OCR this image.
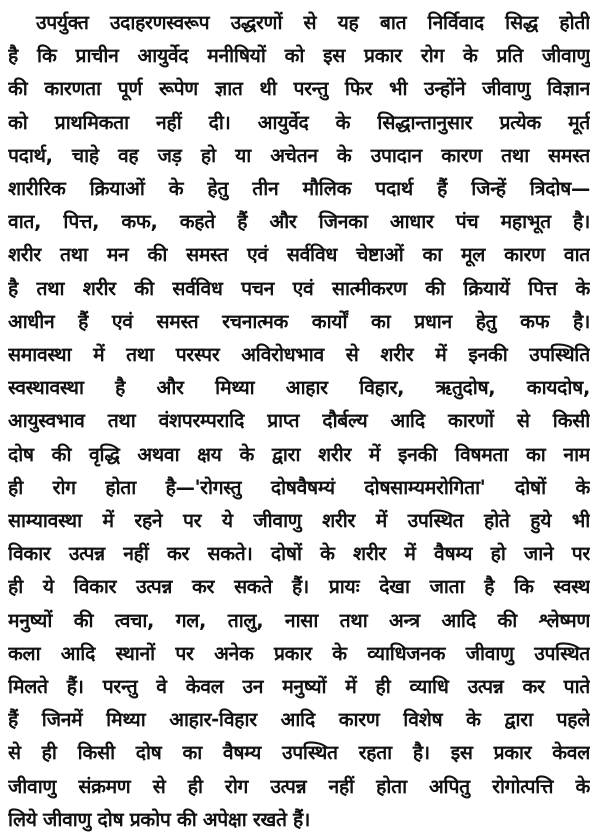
उपर्युक्त उदाहरणस्वरूप उद्धरणों से यह बात निर्विवाद सिद्ध होती
है कि प्राचीन आयुर्वेद मनीषियों को इस प्रकार रोग के प्रति जीवाणु
की कारणता पूर्ण रूपेण ज्ञात थी परन्तु फिर भी उन्होंने जीवाणु विज्ञान
को प्राथमिकता नहीं दी। आयुर्वेद के सिद्धान्तानुसार प्रत्येक मूर्त
पदार्थ, चाहे वह जड़ हो या अचेतन के उपादान कारण तथा समस्त
शारीरिक क्रियाओं के हेतु तीन मौलिक पदार्थ हैं जिन्हें त्रिदोष—
वात, पित्त, कफ, कहते हैं और जिनका आधार पंच महाभूत है।
शरीर तथा मन की समस्त एवं सर्वविध चेष्टाओं का मूल कारण वात
है तथा शरीर की सर्वविध पचन एवं सात्मीकरण की क्रियायें पित्त के
आधीन हैं एवं समस्त रचनात्मक कार्यों का प्रधान हेतु कफ है।
समावस्था में तथा परस्पर अविरोधभाव से शरीर में इनकी उपस्थिति
स्वस्थावस्था है और मिथ्या आहार विहार, ऋतुदोष, कायदोष,
आयुस्वभाव तथा वंशपरम्परादि प्राप्त दौर्बल्य आदि कारणों से किसी
दोष की वृद्धि अथवा क्षय के द्वारा शरीर में इनकी विषमता का नाम
ही रोग होता है—'रोगस्तु दोषवैषम्यं दोषसाम्यमरोगिता' दोषों के
साम्यावस्था में रहने पर ये जीवाणु शरीर में उपस्थित होते हुये भी
विकार उत्पन्न नहीं कर सकते। दोषों के शरीर में वैषम्य हो जाने पर
ही ये विकार उत्पन्न कर सकते हैं। प्रायः देखा जाता है कि स्वस्थ
मनुष्यों की त्वचा, गल, तालु, नासा तथा अन्त्र आदि की श्लेष्मण
कला आदि स्थानों पर अनेक प्रकार के व्याधिजनक जीवाणु उपस्थित
मिलते हैं। परन्तु वे केवल उन मनुष्यों में ही व्याधि उत्पन्न कर पाते
हैं जिनमें मिथ्या आहार-विहार आदि कारण विशेष के द्वारा पहले
से ही किसी दोष का वैषम्य उपस्थित रहता है। इस प्रकार केवल
जीवाणु संक्रमण से ही रोग उत्पन्न नहीं होता अपितु रोगोत्पत्ति के
लिये जीवाणु दोष प्रकोप की अपेक्षा रखते हैं।
